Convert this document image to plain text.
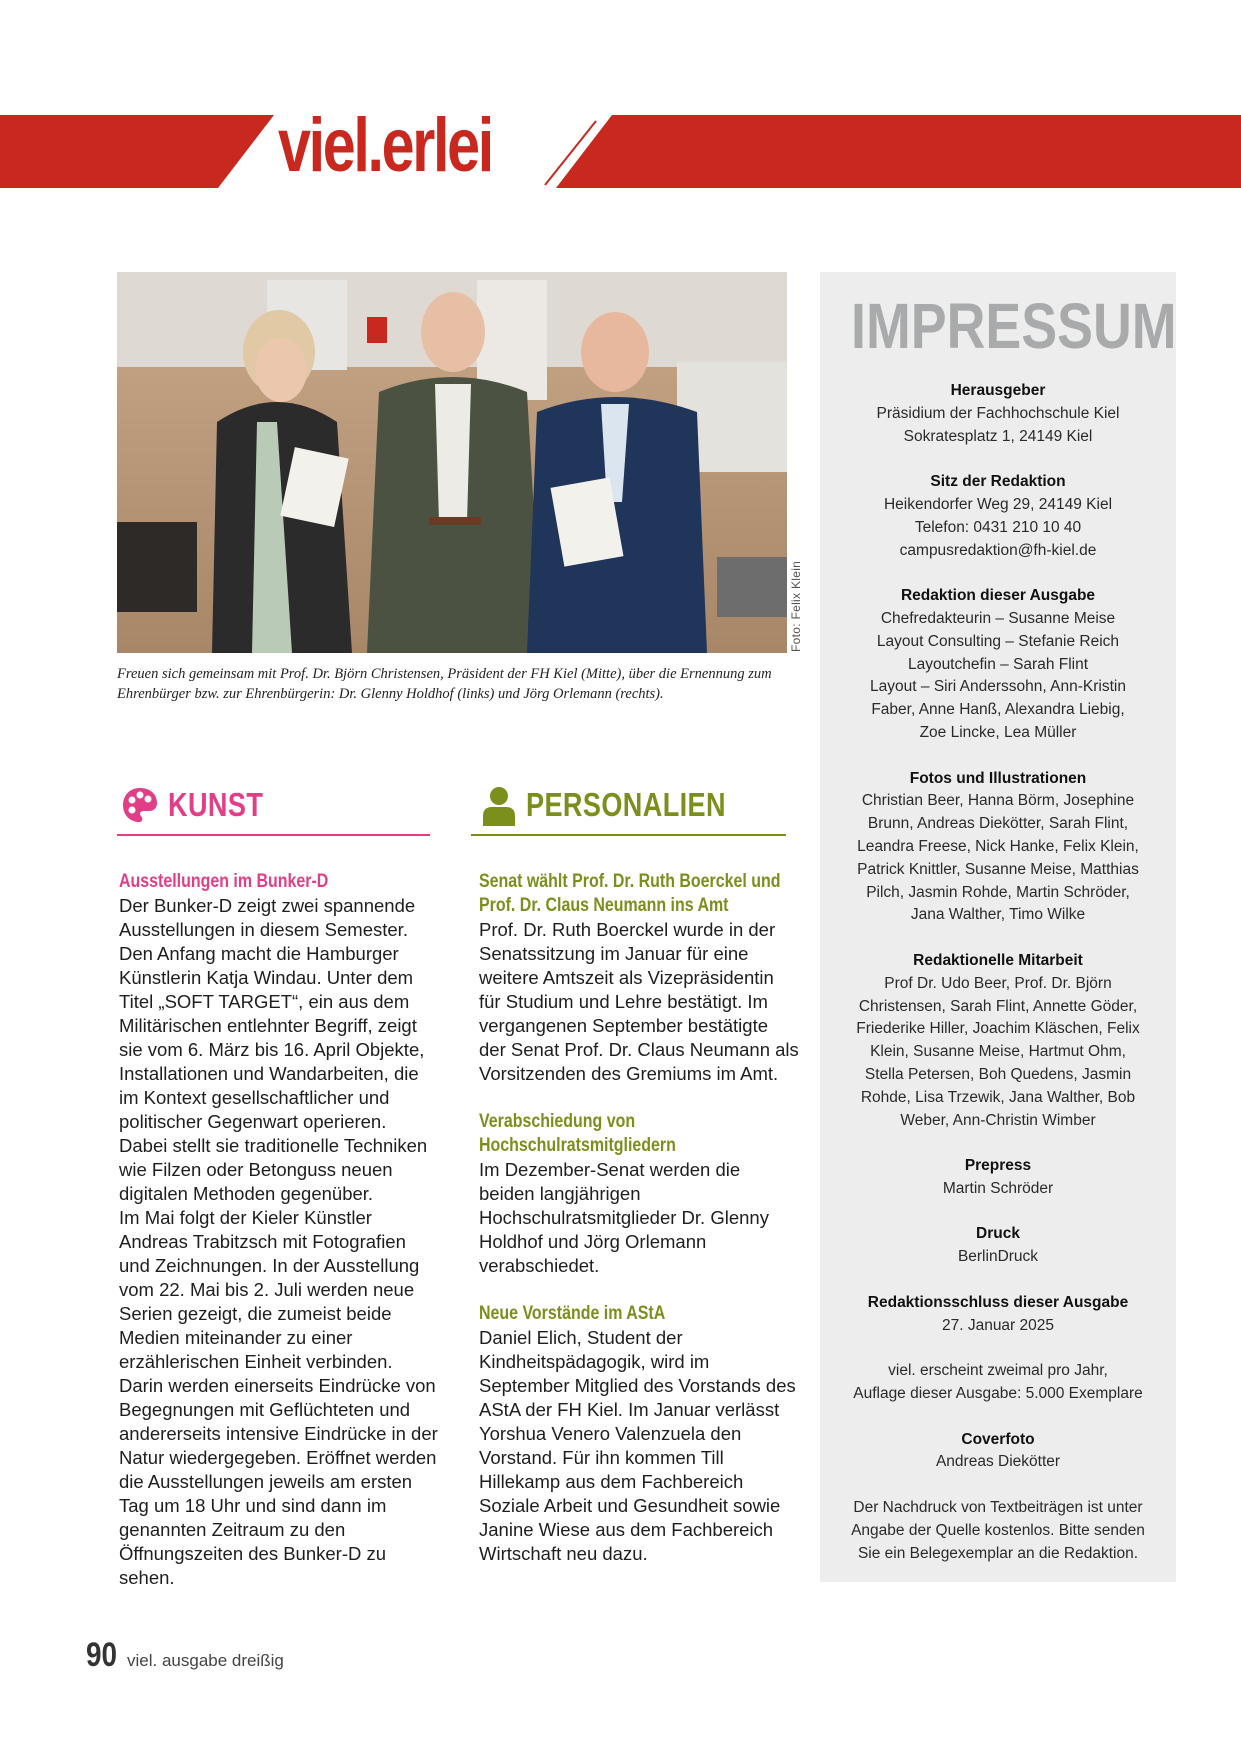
viel.erlei
Foto: Felix Klein
Freuen sich gemeinsam mit Prof. Dr. Björn Christensen, Präsident der FH Kiel (Mitte), über die Ernennung zum Ehrenbürger bzw. zur Ehrenbürgerin: Dr. Glenny Holdhof (links) und Jörg Orlemann (rechts).
KUNST	PERSONALIEN
Ausstellungen im Bunker-D

Der Bunker-D zeigt zwei spannende Ausstellungen in diesem Semester. Den Anfang macht die Hamburger Künstlerin Katja Windau. Unter dem Titel „SOFT TARGET“, ein aus dem Militärischen entlehnter Begriff, zeigt sie vom 6. März bis 16. April Objekte, Installationen und Wandarbeiten, die im Kontext gesellschaftlicher und politischer Gegenwart operieren. Dabei stellt sie traditionelle Techniken wie Filzen oder Betonguss neuen digitalen Methoden gegenüber.
Im Mai folgt der Kieler Künstler Andreas Trabitzsch mit Fotografien und Zeichnungen. In der Ausstellung vom 22. Mai bis 2. Juli werden neue Serien gezeigt, die zumeist beide Medien miteinander zu einer erzählerischen Einheit verbinden. Darin werden einerseits Eindrücke von Begegnungen mit Geflüchteten und andererseits intensive Eindrücke in der Natur wiedergegeben. Eröffnet werden die Ausstellungen jeweils am ersten Tag um 18 Uhr und sind dann im genannten Zeitraum zu den Öffnungszeiten des Bunker-D zu sehen.

Senat wählt Prof. Dr. Ruth Boerckel und Prof. Dr. Claus Neumann ins Amt

Prof. Dr. Ruth Boerckel wurde in der Senatssitzung im Januar für eine weitere Amtszeit als Vizepräsidentin für Studium und Lehre bestätigt. Im vergangenen September bestätigte der Senat Prof. Dr. Claus Neumann als Vorsitzenden des Gremiums im Amt.

Verabschiedung von Hochschulratsmitgliedern

Im Dezember-Senat werden die beiden langjährigen Hochschulratsmitglieder Dr. Glenny Holdhof und Jörg Orlemann verabschiedet.

Neue Vorstände im AStA

Daniel Elich, Student der Kindheitspädagogik, wird im September Mitglied des Vorstands des AStA der FH Kiel. Im Januar verlässt Yorshua Venero Valenzuela den Vorstand. Für ihn kommen Till Hillekamp aus dem Fachbereich Soziale Arbeit und Gesundheit sowie Janine Wiese aus dem Fachbereich Wirtschaft neu dazu.

IMPRESSUM

Herausgeber

Präsidium der Fachhochschule Kiel

Sokratesplatz 1, 24149 Kiel

Sitz der Redaktion

Heikendorfer Weg 29, 24149 Kiel

Telefon: 0431 210 10 40

campusredaktion@fh-kiel.de

Redaktion dieser Ausgabe

Chefredakteurin – Susanne Meise

Layout Consulting – Stefanie Reich

Layoutchefin – Sarah Flint

Layout – Siri Anderssohn, Ann-Kristin

Faber, Anne Hanß, Alexandra Liebig,

Zoe Lincke, Lea Müller

Fotos und Illustrationen

Christian Beer, Hanna Börm, Josephine

Brunn, Andreas Diekötter, Sarah Flint,

Leandra Freese, Nick Hanke, Felix Klein,

Patrick Knittler, Susanne Meise, Matthias

Pilch, Jasmin Rohde, Martin Schröder,

Jana Walther, Timo Wilke

Redaktionelle Mitarbeit

Prof Dr. Udo Beer, Prof. Dr. Björn

Christensen, Sarah Flint, Annette Göder,

Friederike Hiller, Joachim Kläschen, Felix

Klein, Susanne Meise, Hartmut Ohm,

Stella Petersen, Boh Quedens, Jasmin

Rohde, Lisa Trzewik, Jana Walther, Bob

Weber, Ann-Christin Wimber

Prepress

Martin Schröder

Druck

BerlinDruck

Redaktionsschluss dieser Ausgabe

27. Januar 2025

viel. erscheint zweimal pro Jahr,

Auflage dieser Ausgabe: 5.000 Exemplare

Coverfoto

Andreas Diekötter

Der Nachdruck von Textbeiträgen ist unter

Angabe der Quelle kostenlos. Bitte senden

Sie ein Belegexemplar an die Redaktion.

90 viel. ausgabe dreißig
